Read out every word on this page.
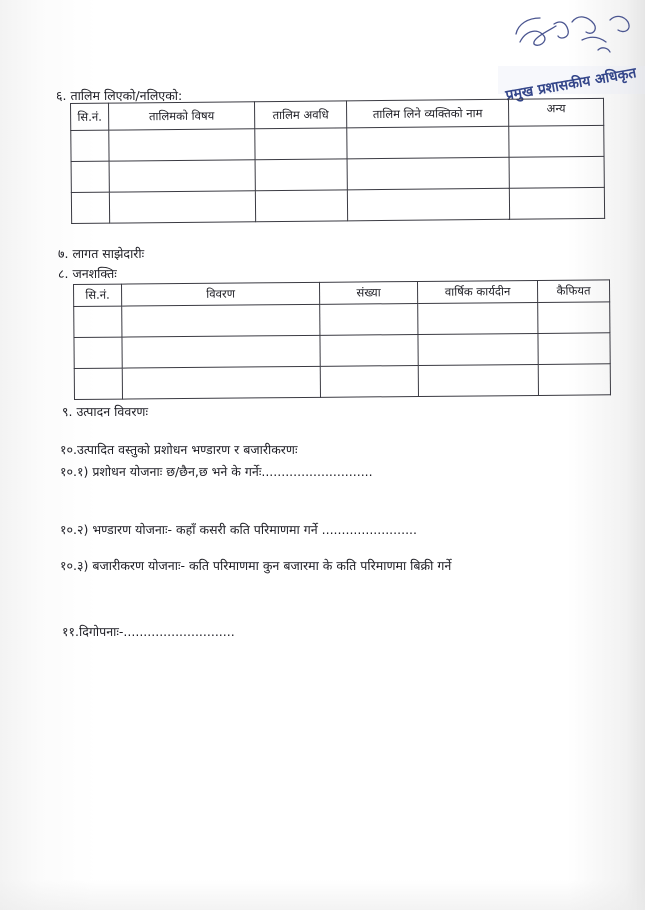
प्रमुख प्रशासकीय अधिकृत
६. तालिम लिएको/नलिएको:
सि.नं.	तालिमको विषय	तालिम अवधि	तालिम लिने व्यक्तिको नाम	अन्य

७. लागत साझेदारीः
८. जनशक्तिः
सि.नं.	विवरण	संख्या	वार्षिक कार्यदीन	कैफियत

९. उत्पादन विवरणः
१०.उत्पादित वस्तुको प्रशोधन भण्डारण र बजारीकरणः
१०.१) प्रशोधन योजनाः छ/छैन,छ भने के गर्नेः............................
१०.२) भण्डारण योजनाः- कहाँ कसरी कति परिमाणमा गर्ने ........................
१०.३) बजारीकरण योजनाः- कति परिमाणमा कुन बजारमा के कति परिमाणमा बिक्री गर्ने
११.दिगोपनाः-............................
